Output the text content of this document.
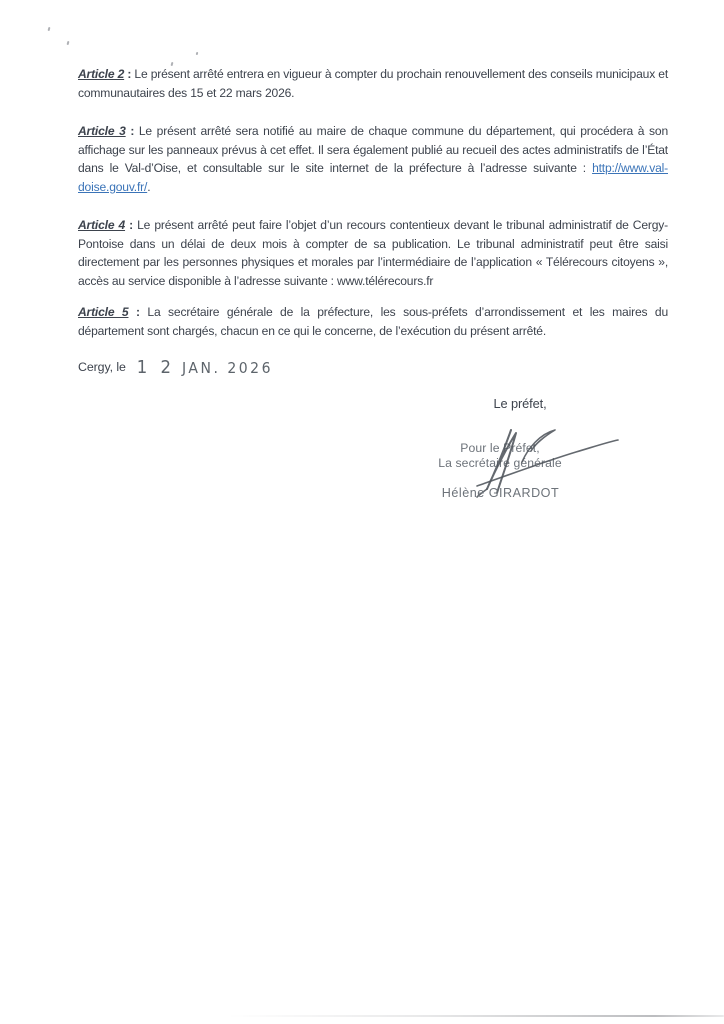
Article 2 : Le présent arrêté entrera en vigueur à compter du prochain renouvellement des conseils municipaux et communautaires des 15 et 22 mars 2026.

Article 3 : Le présent arrêté sera notifié au maire de chaque commune du département, qui procédera à son affichage sur les panneaux prévus à cet effet. Il sera également publié au recueil des actes administratifs de l’État dans le Val-d’Oise, et consultable sur le site internet de la préfecture à l’adresse suivante : http://www.val-doise.gouv.fr/.

Article 4 : Le présent arrêté peut faire l’objet d’un recours contentieux devant le tribunal administratif de Cergy-Pontoise dans un délai de deux mois à compter de sa publication. Le tribunal administratif peut être saisi directement par les personnes physiques et morales par l’intermédiaire de l’application « Télérecours citoyens », accès au service disponible à l’adresse suivante : www.télérecours.fr

Article 5 : La secrétaire générale de la préfecture, les sous-préfets d’arrondissement et les maires du département sont chargés, chacun en ce qui le concerne, de l’exécution du présent arrêté.

Cergy, le 1 2 JAN. 2026
Le préfet,
Pour le Préfet,
La secrétaire générale
Hélène GIRARDOT
